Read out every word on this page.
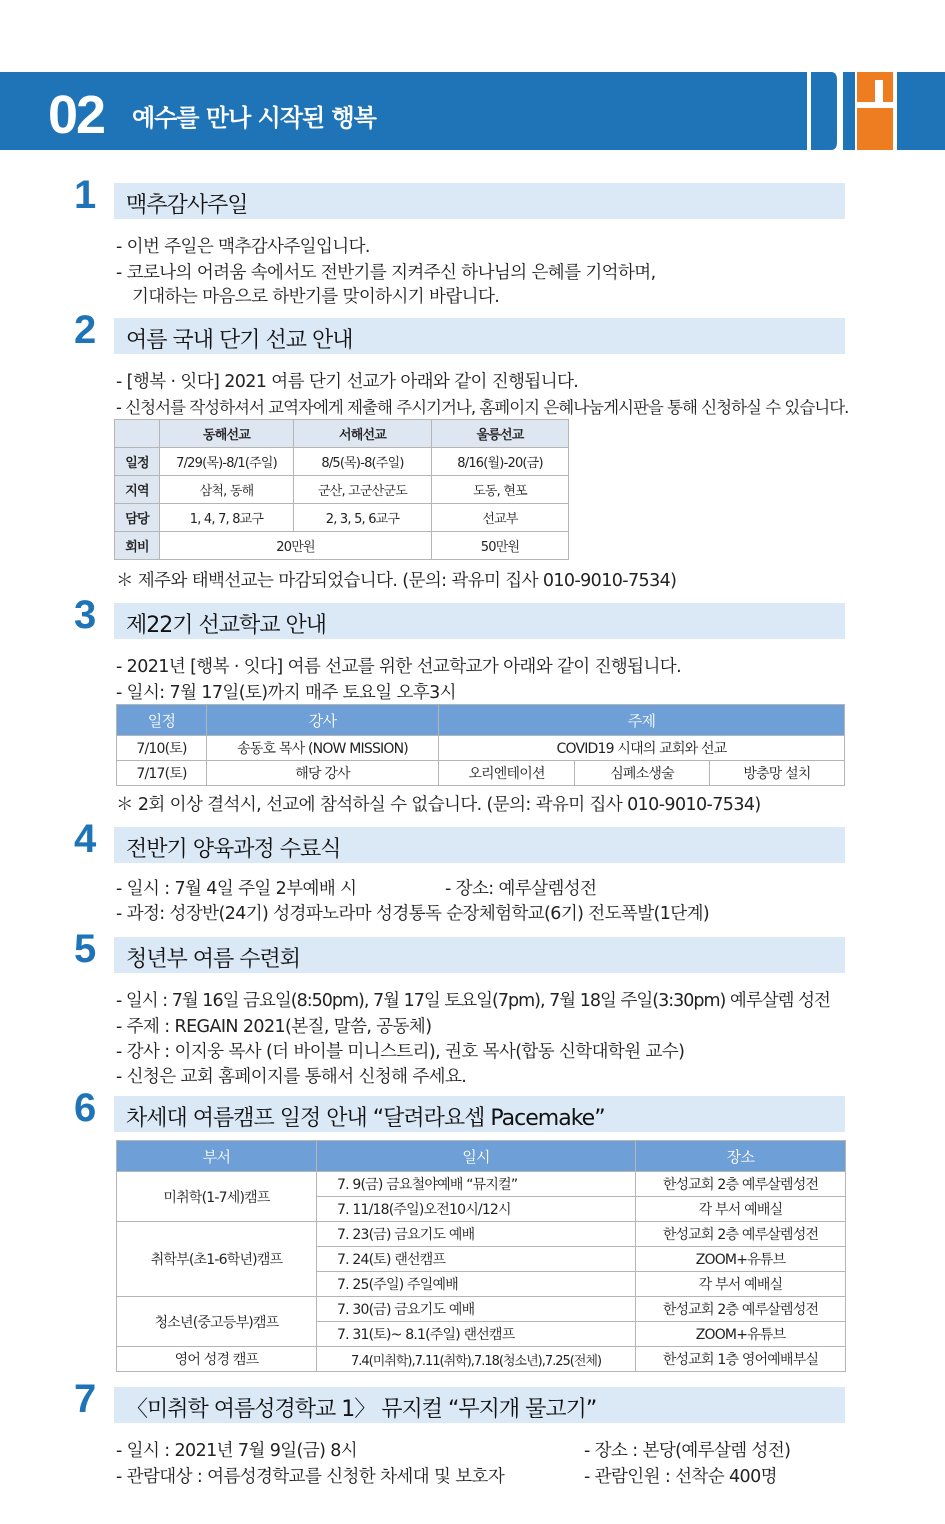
02 예수를 만나 시작된 행복
1 맥추감사주일
- 이번 주일은 맥추감사주일입니다.
- 코로나의 어려움 속에서도 전반기를 지켜주신 하나님의 은혜를 기억하며,
기대하는 마음으로 하반기를 맞이하시기 바랍니다.
2 여름 국내 단기 선교 안내
- [행복 · 잇다] 2021 여름 단기 선교가 아래와 같이 진행됩니다.
- 신청서를 작성하셔서 교역자에게 제출해 주시기거나, 홈페이지 은혜나눔게시판을 통해 신청하실 수 있습니다.
	동해선교	서해선교	울릉선교
일정	7/29(목)-8/1(주일)	8/5(목)-8(주일)	8/16(월)-20(금)
지역	삼척, 동해	군산, 고군산군도	도동, 현포
담당	1, 4, 7, 8교구	2, 3, 5, 6교구	선교부
회비	20만원		50만원
＊ 제주와 태백선교는 마감되었습니다. (문의: 곽유미 집사 010-9010-7534)
3 제22기 선교학교 안내
- 2021년 [행복 · 잇다] 여름 선교를 위한 선교학교가 아래와 같이 진행됩니다.
- 일시: 7월 17일(토)까지 매주 토요일 오후3시
일정	강사	주제		
7/10(토)	송동호 목사 (NOW MISSION)	COVID19 시대의 교회와 선교		
7/17(토)	해당 강사	오리엔테이션	심폐소생술	방충망 설치
＊ 2회 이상 결석시, 선교에 참석하실 수 없습니다. (문의: 곽유미 집사 010-9010-7534)
4 전반기 양육과정 수료식
- 일시 : 7월 4일 주일 2부예배 시	- 장소: 예루살렘성전
- 과정: 성장반(24기) 성경파노라마 성경통독 순장체험학교(6기) 전도폭발(1단계)
5 청년부 여름 수련회
- 일시 : 7월 16일 금요일(8:50pm), 7월 17일 토요일(7pm), 7월 18일 주일(3:30pm) 예루살렘 성전
- 주제 : REGAIN 2021(본질, 말씀, 공동체)
- 강사 : 이지웅 목사 (더 바이블 미니스트리), 권호 목사(합동 신학대학원 교수)
- 신청은 교회 홈페이지를 통해서 신청해 주세요.
6 차세대 여름캠프 일정 안내 “달려라요셉 Pacemake”
부서	일시	장소
미취학(1-7세)캠프	7. 9(금) 금요철야예배 “뮤지컬”	한성교회 2층 예루살렘성전
	7. 11/18(주일)오전10시/12시	각 부서 예배실
취학부(초1-6학년)캠프	7. 23(금) 금요기도 예배	한성교회 2층 예루살렘성전
	7. 24(토) 랜선캠프	ZOOM+유튜브
	7. 25(주일) 주일예배	각 부서 예배실
청소년(중고등부)캠프	7. 30(금) 금요기도 예배	한성교회 2층 예루살렘성전
	7. 31(토)~ 8.1(주일) 랜선캠프	ZOOM+유튜브
영어 성경 캠프	7.4(미취학),7.11(취학),7.18(청소년),7.25(전체)	한성교회 1층 영어예배부실
7 〈미취학 여름성경학교 1〉 뮤지컬 “무지개 물고기”
- 일시 : 2021년 7월 9일(금) 8시	- 장소 : 본당(예루살렘 성전)
- 관람대상 : 여름성경학교를 신청한 차세대 및 보호자	- 관람인원 : 선착순 400명
